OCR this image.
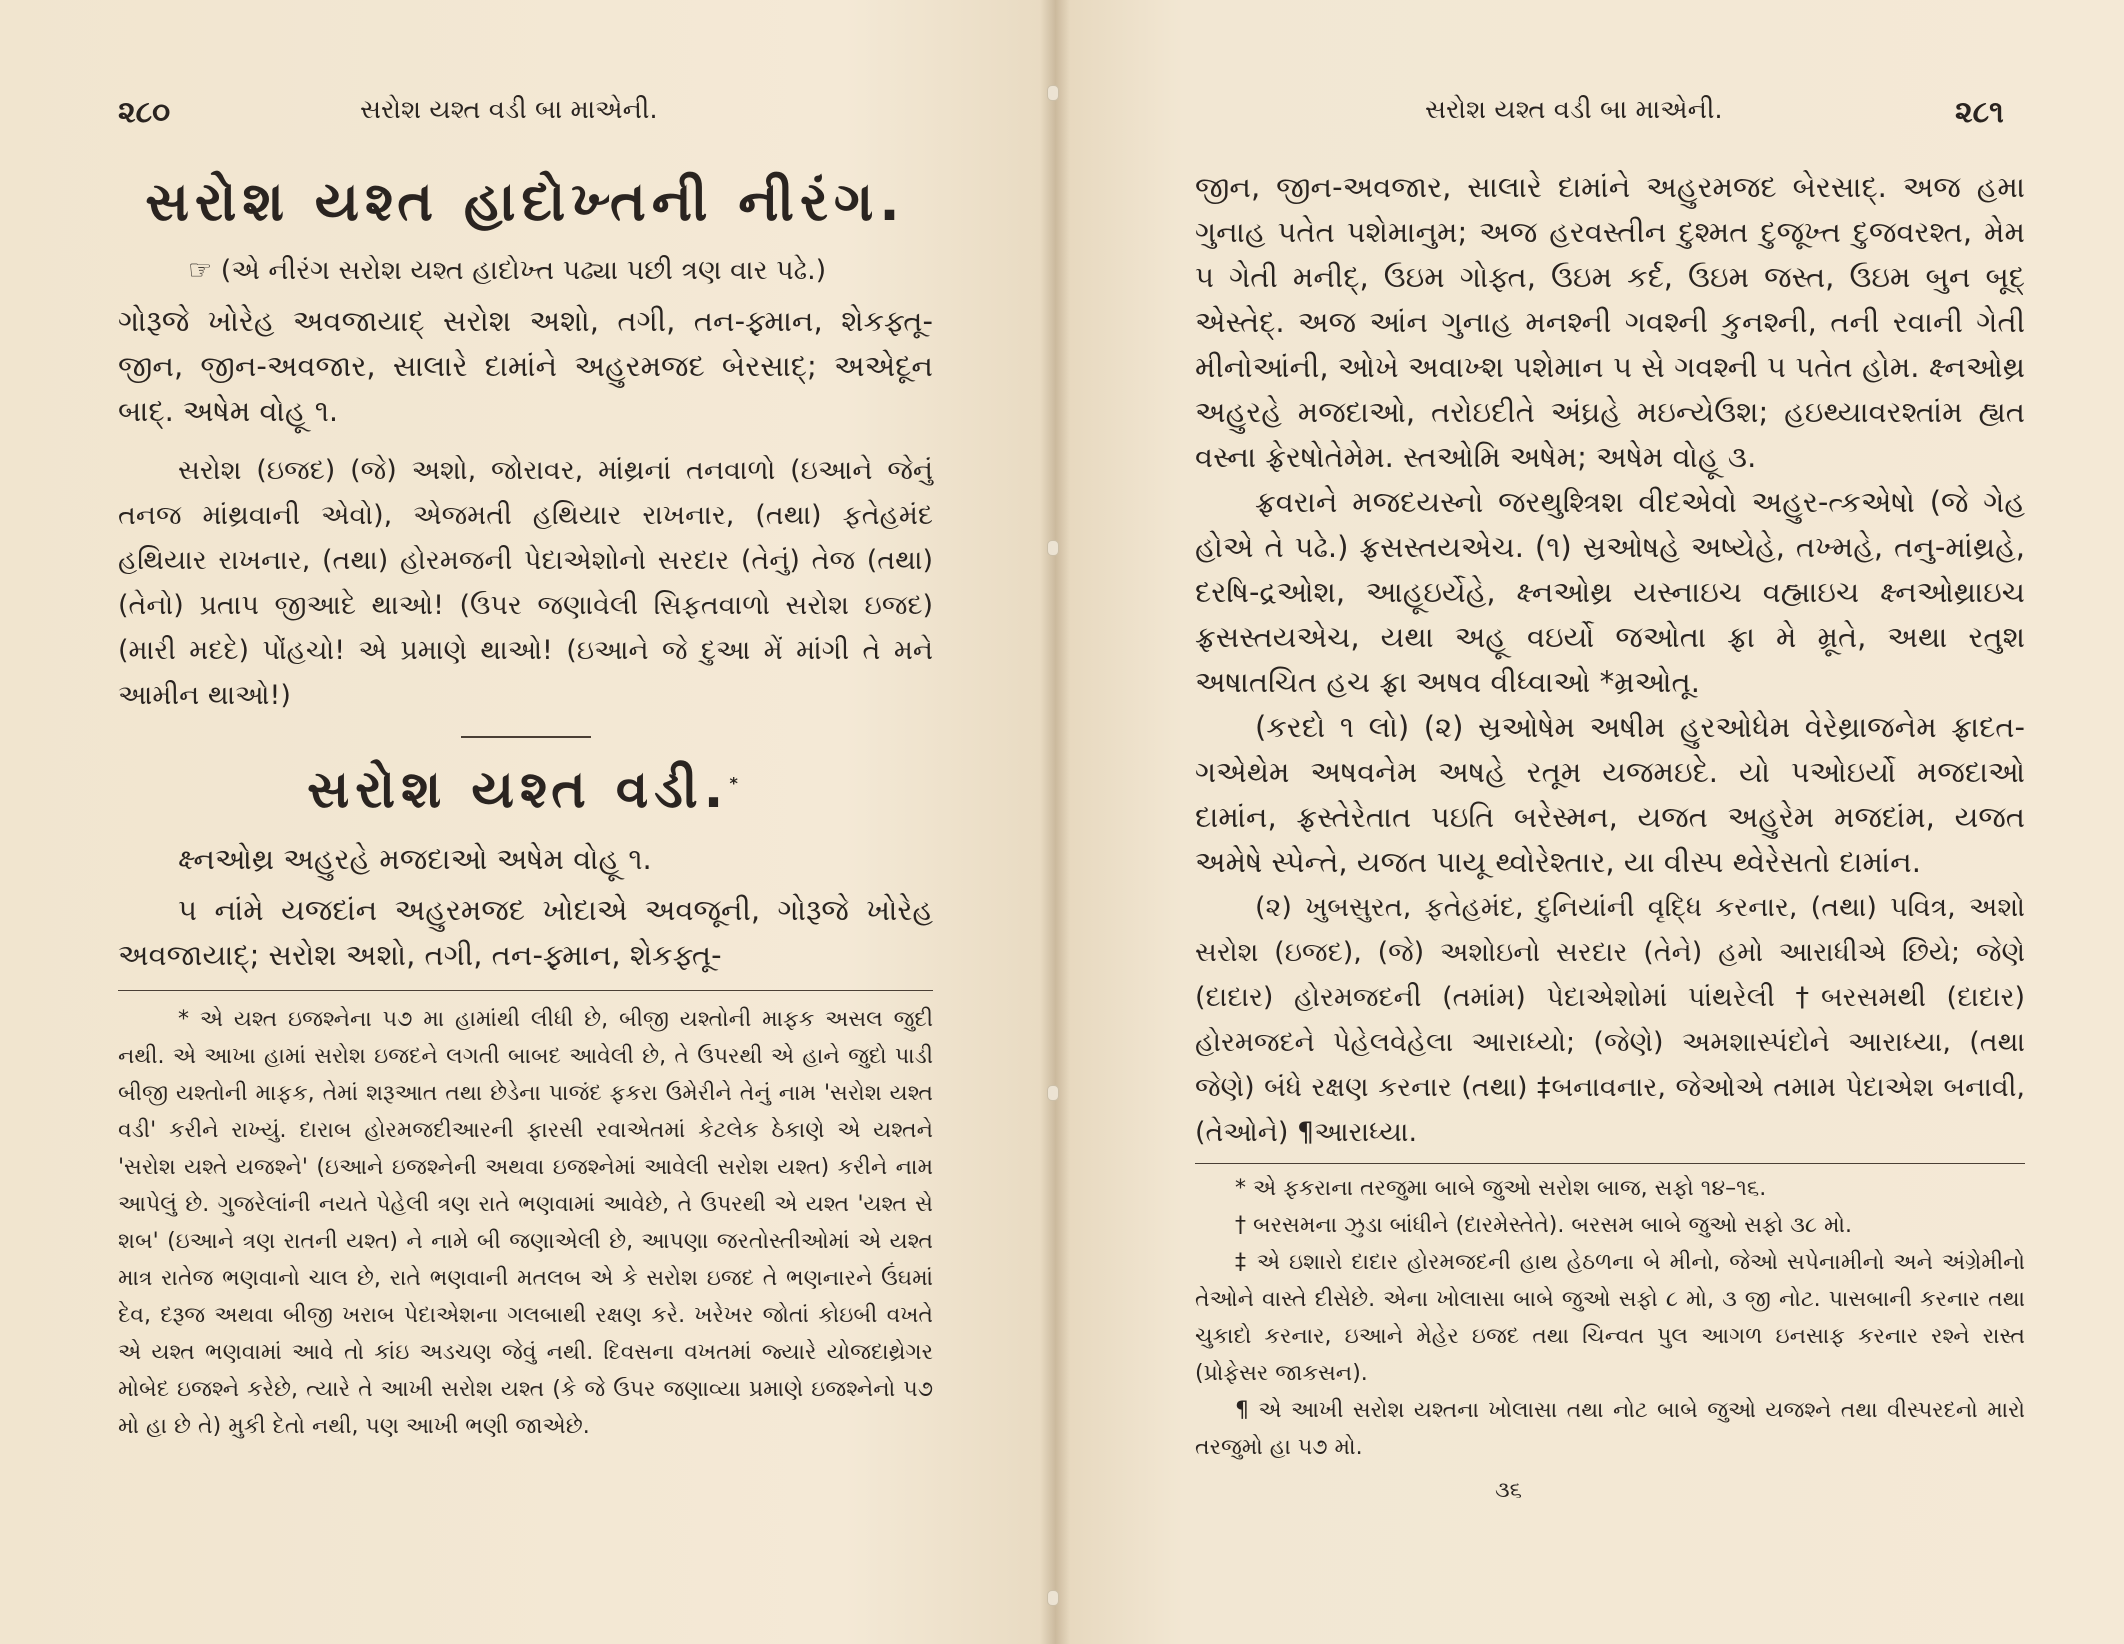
૨૮૦	સરોશ યશ્ત વડી બા માએની.
સરોશ યશ્ત હાદોખ્તની નીરંગ.

☞ (એ નીરંગ સરોશ યશ્ત હાદોખ્ત પઢ્યા પછી ત્રણ વાર પઢે.)

ગોરૂજે ખોરેહ અવજાયાદ્ સરોશ અશો, તગી, તન-ફ્ર્માન, શેકફ્તૂ-જીન, જીન-અવજાર, સાલારે દામાંને અહુરમજદ બેરસાદ્; અએદૂન બાદ્. અષેમ વોહૂ ૧.

સરોશ (ઇજદ) (જે) અશો, જોરાવર, માંથ્રનાં તનવાળો (ઇઆને જેનું તનજ માંથ્રવાની એવો), એજમતી હથિયાર રાખનાર, (તથા) ફતેહમંદ હથિયાર રાખનાર, (તથા) હોરમજની પેદાએશોનો સરદાર (તેનું) તેજ (તથા) (તેનો) પ્રતાપ જીઆદે થાઓ! (ઉપર જણાવેલી સિફતવાળો સરોશ ઇજદ) (મારી મદદે) પોંહચો! એ પ્રમાણે થાઓ! (ઇઆને જે દુઆ મેં માંગી તે મને આમીન થાઓ!)

સરોશ યશ્ત વડી.*

ક્ષ્નઓથ્ર અહુરહે મજદાઓ અષેમ વોહૂ ૧.

૫ નાંમે યજદાંન અહુરમજદ ખોદાએ અવજૂની, ગોરૂજે ખોરેહ અવજાયાદ્; સરોશ અશો, તગી, તન-ફ્ર્માન, શેકફ્તૂ-

* એ યશ્ત ઇજશ્નેના ૫૭ મા હામાંથી લીધી છે, બીજી યશ્તોની માફક અસલ જુદી નથી. એ આખા હામાં સરોશ ઇજદને લગતી બાબદ આવેલી છે, તે ઉપરથી એ હાને જુદો પાડી બીજી યશ્તોની માફક, તેમાં શરૂઆત તથા છેડેના પાજંદ ફકરા ઉમેરીને તેનું નામ 'સરોશ યશ્ત વડી' કરીને રાખ્યું. દારાબ હોરમજદીઆરની ફારસી રવાએતમાં કેટલેક ઠેકાણે એ યશ્તને 'સરોશ યશ્તે યજશ્ને' (ઇઆને ઇજશ્નેની અથવા ઇજશ્નેમાં આવેલી સરોશ યશ્ત) કરીને નામ આપેલું છે. ગુજરેલાંની નયતે પેહેલી ત્રણ રાતે ભણવામાં આવેછે, તે ઉપરથી એ યશ્ત 'યશ્ત સે શબ' (ઇઆને ત્રણ રાતની યશ્ત) ને નામે બી જણાએલી છે, આપણા જરતોસ્તીઓમાં એ યશ્ત માત્ર રાતેજ ભણવાનો ચાલ છે, રાતે ભણવાની મતલબ એ કે સરોશ ઇજદ તે ભણનારને ઉંઘમાં દેવ, દરૂજ અથવા બીજી ખરાબ પેદાએશના ગલબાથી રક્ષણ કરે. ખરેખર જોતાં કોઇબી વખતે એ યશ્ત ભણવામાં આવે તો કાંઇ અડચણ જેવું નથી. દિવસના વખતમાં જ્યારે યોજદાથ્રેગર મોબેદ ઇજશ્ને કરેછે, ત્યારે તે આખી સરોશ યશ્ત (કે જે ઉપર જણાવ્યા પ્રમાણે ઇજશ્નેનો ૫૭ મો હા છે તે) મુકી દેતો નથી, પણ આખી ભણી જાએછે.

સરોશ યશ્ત વડી બા માએની.	૨૮૧

જીન, જીન-અવજાર, સાલારે દામાંને અહુરમજદ બેરસાદ્. અજ હમા ગુનાહ પતેત પશેમાનુમ; અજ હરવસ્તીન દુશ્મત દુજૂખ્ત દુજવરશ્ત, મેમ ૫ ગેતી મનીદ્, ઉઇમ ગોફ્ત, ઉઇમ કર્દ, ઉઇમ જસ્ત, ઉઇમ બુન બૂદ્ એસ્તેદ્. અજ આંન ગુનાહ મનશ્ની ગવશ્ની કુનશ્ની, તની રવાની ગેતી મીનોઆંની, ઓખે અવાખ્શ પશેમાન ૫ સે ગવશ્ની ૫ પતેત હોમ. ક્ષ્નઓથ્ર અહુરહે મજદાઓ, તરોઇદીતે અંઘ્રહે મઇન્યેઉશ; હઇથ્યાવરશ્તાંમ હ્યત વસ્ના ફ્રેરષોતેમેમ. સ્તઓમિ અષેમ; અષેમ વોહૂ ૩.

ફ્રવરાને મજદયસ્નો જરથુશ્ત્રિશ વીદએવો અહુર-ત્કએષો (જે ગેહ હોએ તે પઢે.) ફ્રસસ્તયએચ. (૧) સ્રઓષહે અષ્યેહે, તખ્મહે, તનુ-માંથ્રહે, દરષિ-દ્રઓશ, આહૂઇર્યેહે, ક્ષ્નઓથ્ર યસ્નાઇચ વહ્માઇચ ક્ષ્નઓથ્રાઇચ ફ્રસસ્તયએચ, યથા અહૂ વઇર્યો જઓતા ફ્રા મે મ્રૂતે, અથા રતુશ અષાતચિત હચ ફ્રા અષવ વીધ્વાઓ *મ્રઓતૂ.

(કરદો ૧ લો) (૨) સ્રઓષેમ અષીમ હુરઓધેમ વેરેથ્રાજનેમ ફ્રાદત-ગએથેમ અષવનેમ અષહે રતૂમ યજમઇદે. યો પઓઇર્યો મજદાઓ દામાંન, ફ્રસ્તેરેતાત પઇતિ બરેસ્મન, યજત અહુરેમ મજદાંમ, યજત અમેષે સ્પેન્તે, યજત પાયૂ થ્વોરેશ્તાર, યા વીસ્પ થ્વેરેસતો દામાંન.

(૨) ખુબસુરત, ફતેહમંદ, દુનિયાંની વૃદ્ધિ કરનાર, (તથા) પવિત્ર, અશો સરોશ (ઇજદ), (જે) અશોઇનો સરદાર (તેને) હમો આરાધીએ છિયે; જેણે (દાદાર) હોરમજદની (તમાંમ) પેદાએશોમાં પાંથરેલી †બરસમથી (દાદાર) હોરમજદને પેહેલવેહેલા આરાધ્યો; (જેણે) અમશાસ્પંદોને આરાધ્યા, (તથા જેણે) બંધે રક્ષણ કરનાર (તથા) ‡બનાવનાર, જેઓએ તમામ પેદાએશ બનાવી, (તેઓને) ¶આરાધ્યા.

* એ ફકરાના તરજુમા બાબે જુઓ સરોશ બાજ, સફો ૧૪–૧૬.

† બરસમના ઝુડા બાંધીને (દારમેસ્તેતે). બરસમ બાબે જુઓ સફો ૩૮ મો.

‡ એ ઇશારો દાદાર હોરમજદની હાથ હેઠળના બે મીનો, જેઓ સપેનામીનો અને અંગ્રેમીનો તેઓને વાસ્તે દીસેછે. એના ખોલાસા બાબે જુઓ સફો ૮ મો, ૩ જી નોટ. પાસબાની કરનાર તથા ચુકાદો કરનાર, ઇઆને મેહેર ઇજદ તથા ચિન્વત પુલ આગળ ઇનસાફ કરનાર રશ્ને રાસ્ત (પ્રોફેસર જાકસન).

¶ એ આખી સરોશ યશ્તના ખોલાસા તથા નોટ બાબે જુઓ યજશ્ને તથા વીસ્પરદનો મારો તરજુમો હા ૫૭ મો.

૩૬
